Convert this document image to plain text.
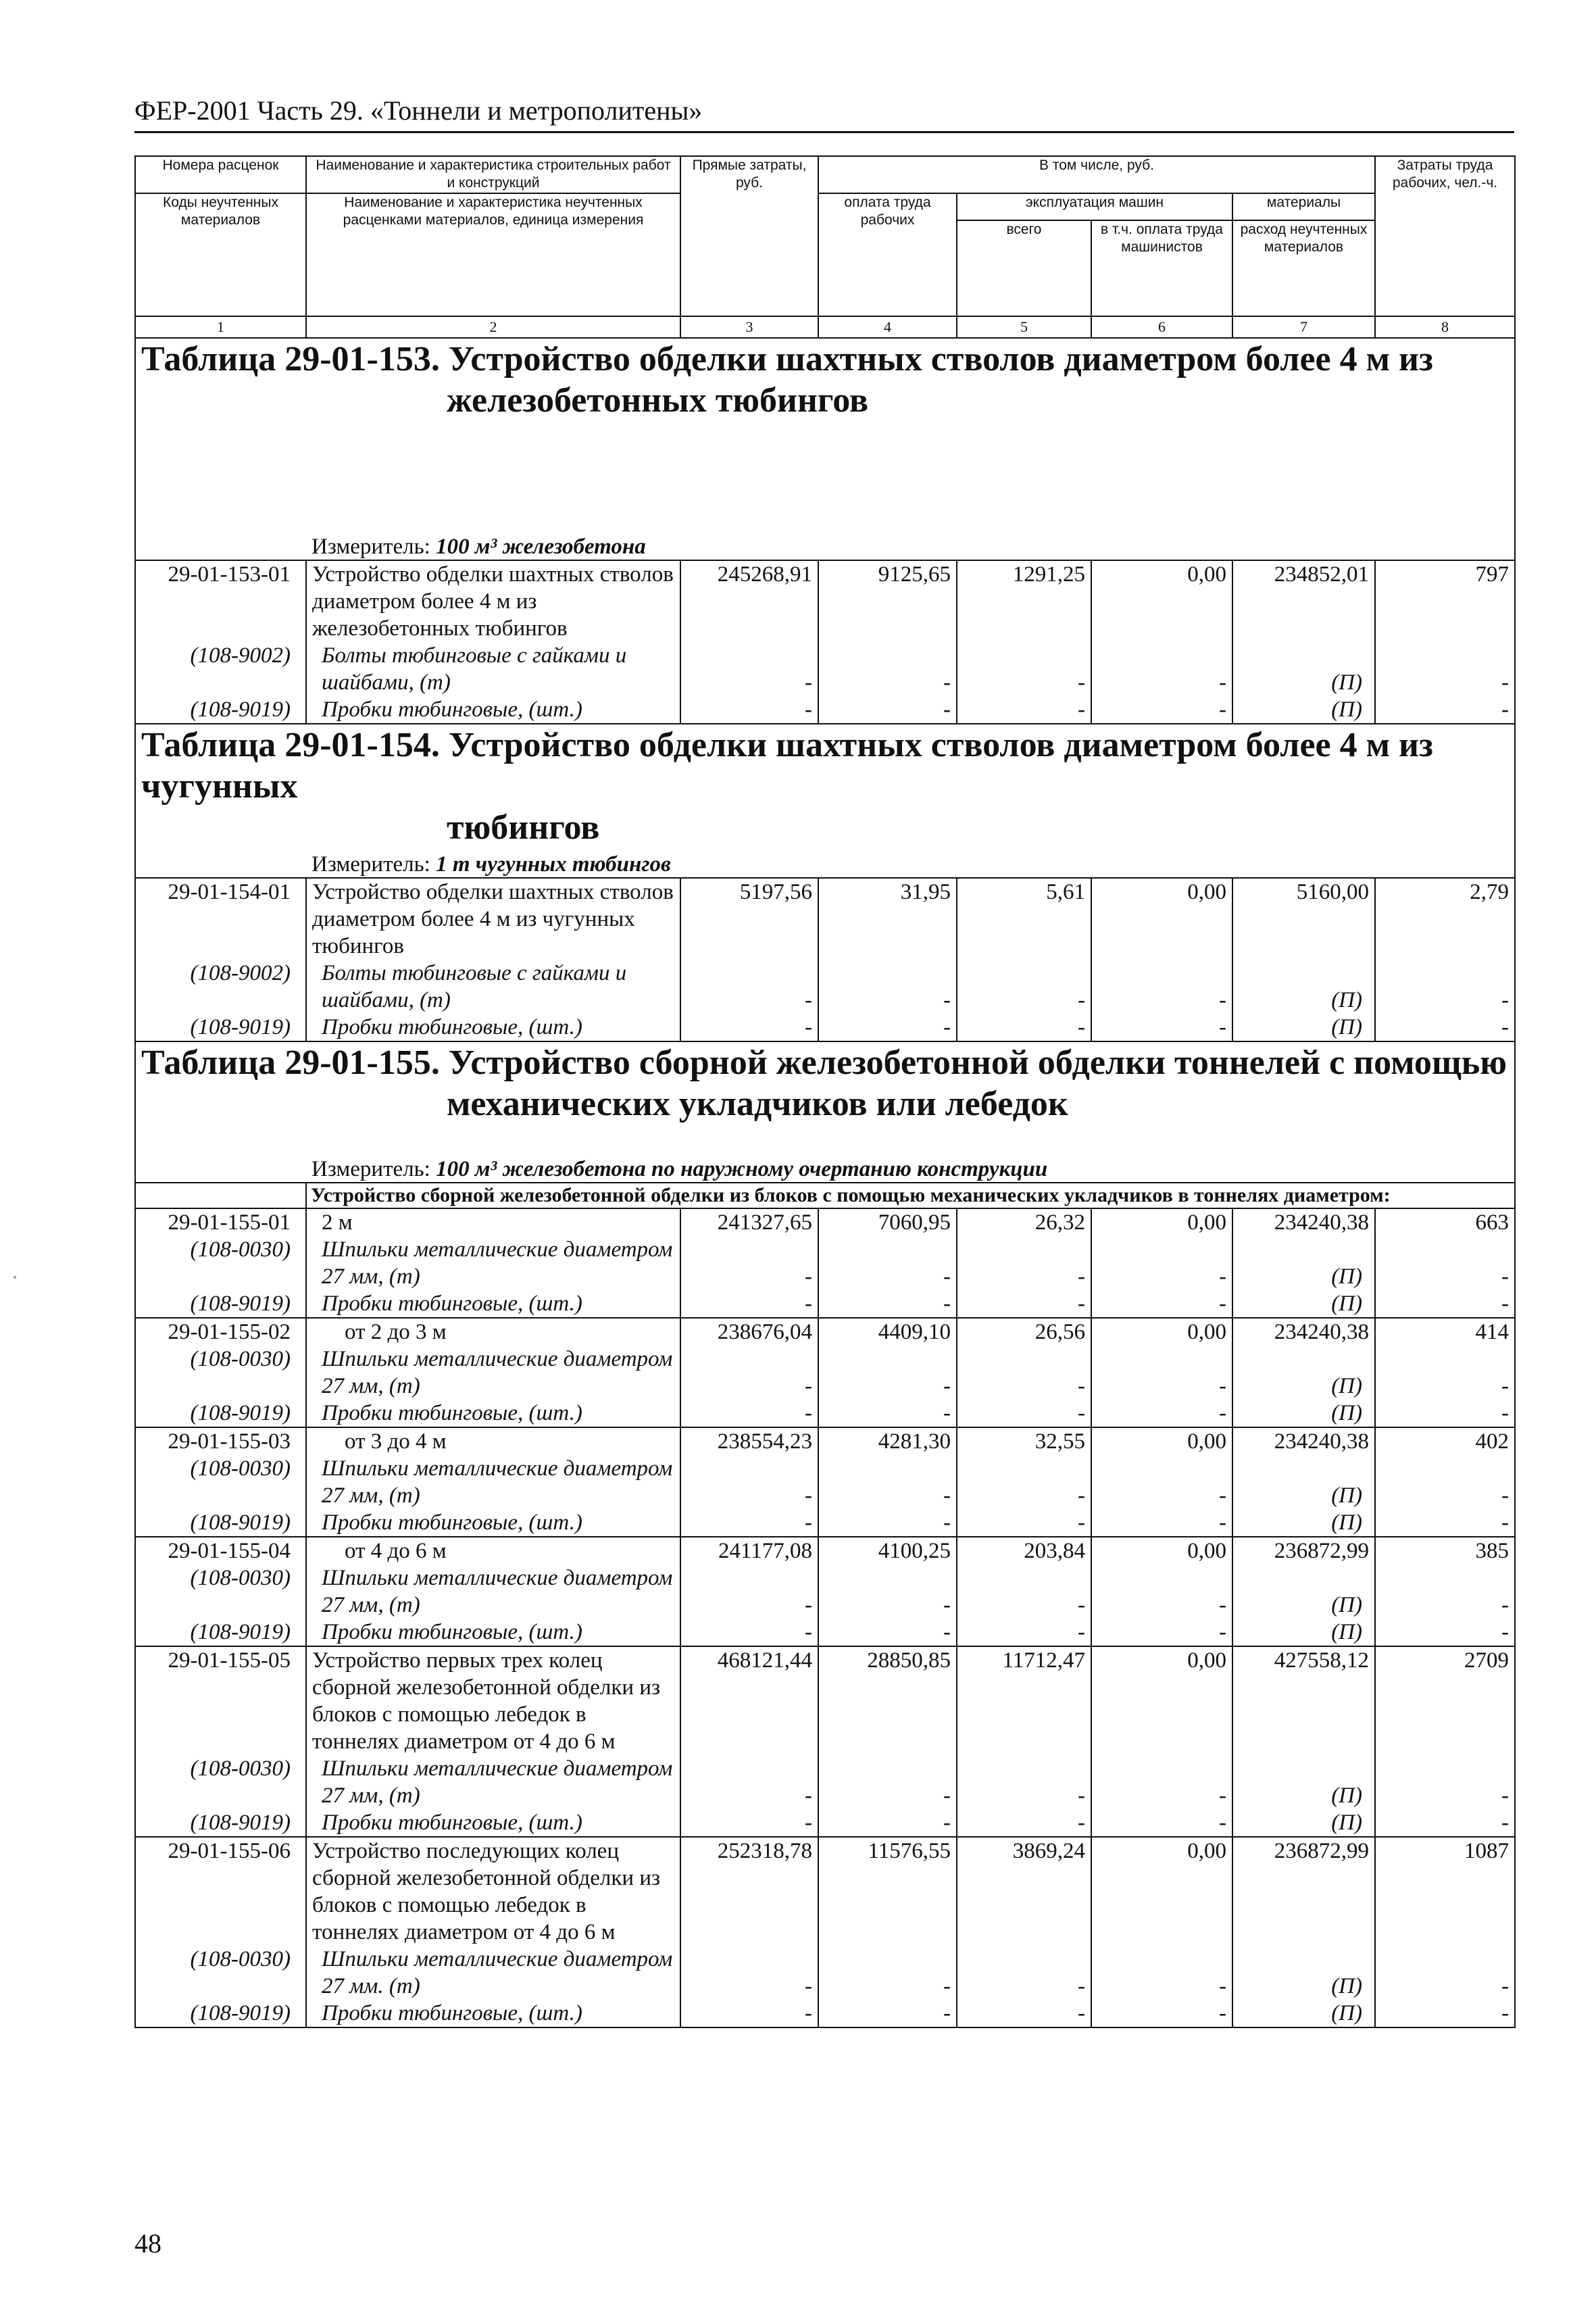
ФЕР-2001 Часть 29. «Тоннели и метрополитены»
Номера расценок	Наименование и характеристика строительных работ и конструкций	Прямые затраты, руб.	В том числе, руб.				Затраты труда рабочих, чел.-ч.
Коды неучтенных материалов	Наименование и характеристика неучтенных расценками материалов, единица измерения		оплата труда рабочих	эксплуатация машин		материалы	
				всего	в т.ч. оплата труда машинистов	расход неучтенных материалов	
1	2	3	4	5	6	7	8

Таблица 29-01-153. Устройство обделки шахтных стволов диаметром более 4 м из
железобетонных тюбингов							

Измеритель: 100 м³ железобетона							
29-01-153-01	Устройство обделки шахтных стволов диаметром более 4 м из железобетонных тюбингов	245268,91	9125,65	1291,25	0,00	234852,01	797
(108-9002)	Болты тюбинговые с гайками и шайбами, (т)	-	-	-	-	(П)	-
(108-9019)	Пробки тюбинговые, (шт.)	-	-	-	-	(П)	-

Таблица 29-01-154. Устройство обделки шахтных стволов диаметром более 4 м из чугунных
тюбингов							

Измеритель: 1 т чугунных тюбингов							
29-01-154-01	Устройство обделки шахтных стволов диаметром более 4 м из чугунных тюбингов	5197,56	31,95	5,61	0,00	5160,00	2,79
(108-9002)	Болты тюбинговые с гайками и шайбами, (т)	-	-	-	-	(П)	-
(108-9019)	Пробки тюбинговые, (шт.)	-	-	-	-	(П)	-

Таблица 29-01-155. Устройство сборной железобетонной обделки тоннелей с помощью
механических укладчиков или лебедок							

Измеритель: 100 м³ железобетона по наружному очертанию конструкции							
	Устройство сборной железобетонной обделки из блоков с помощью механических укладчиков в тоннелях диаметром:						
29-01-155-01	2 м	241327,65	7060,95	26,32	0,00	234240,38	663
(108-0030)	Шпильки металлические диаметром 27 мм, (т)	-	-	-	-	(П)	-
(108-9019)	Пробки тюбинговые, (шт.)	-	-	-	-	(П)	-
29-01-155-02	от 2 до 3 м	238676,04	4409,10	26,56	0,00	234240,38	414
(108-0030)	Шпильки металлические диаметром 27 мм, (т)	-	-	-	-	(П)	-
(108-9019)	Пробки тюбинговые, (шт.)	-	-	-	-	(П)	-
29-01-155-03	от 3 до 4 м	238554,23	4281,30	32,55	0,00	234240,38	402
(108-0030)	Шпильки металлические диаметром 27 мм, (т)	-	-	-	-	(П)	-
(108-9019)	Пробки тюбинговые, (шт.)	-	-	-	-	(П)	-
29-01-155-04	от 4 до 6 м	241177,08	4100,25	203,84	0,00	236872,99	385
(108-0030)	Шпильки металлические диаметром 27 мм, (т)	-	-	-	-	(П)	-
(108-9019)	Пробки тюбинговые, (шт.)	-	-	-	-	(П)	-
29-01-155-05	Устройство первых трех колец сборной железобетонной обделки из блоков с помощью лебедок в тоннелях диаметром от 4 до 6 м	468121,44	28850,85	11712,47	0,00	427558,12	2709
(108-0030)	Шпильки металлические диаметром 27 мм, (т)	-	-	-	-	(П)	-
(108-9019)	Пробки тюбинговые, (шт.)	-	-	-	-	(П)	-
29-01-155-06	Устройство последующих колец сборной железобетонной обделки из блоков с помощью лебедок в тоннелях диаметром от 4 до 6 м	252318,78	11576,55	3869,24	0,00	236872,99	1087
(108-0030)	Шпильки металлические диаметром 27 мм. (т)	-	-	-	-	(П)	-
(108-9019)	Пробки тюбинговые, (шт.)	-	-	-	-	(П)	-
48
